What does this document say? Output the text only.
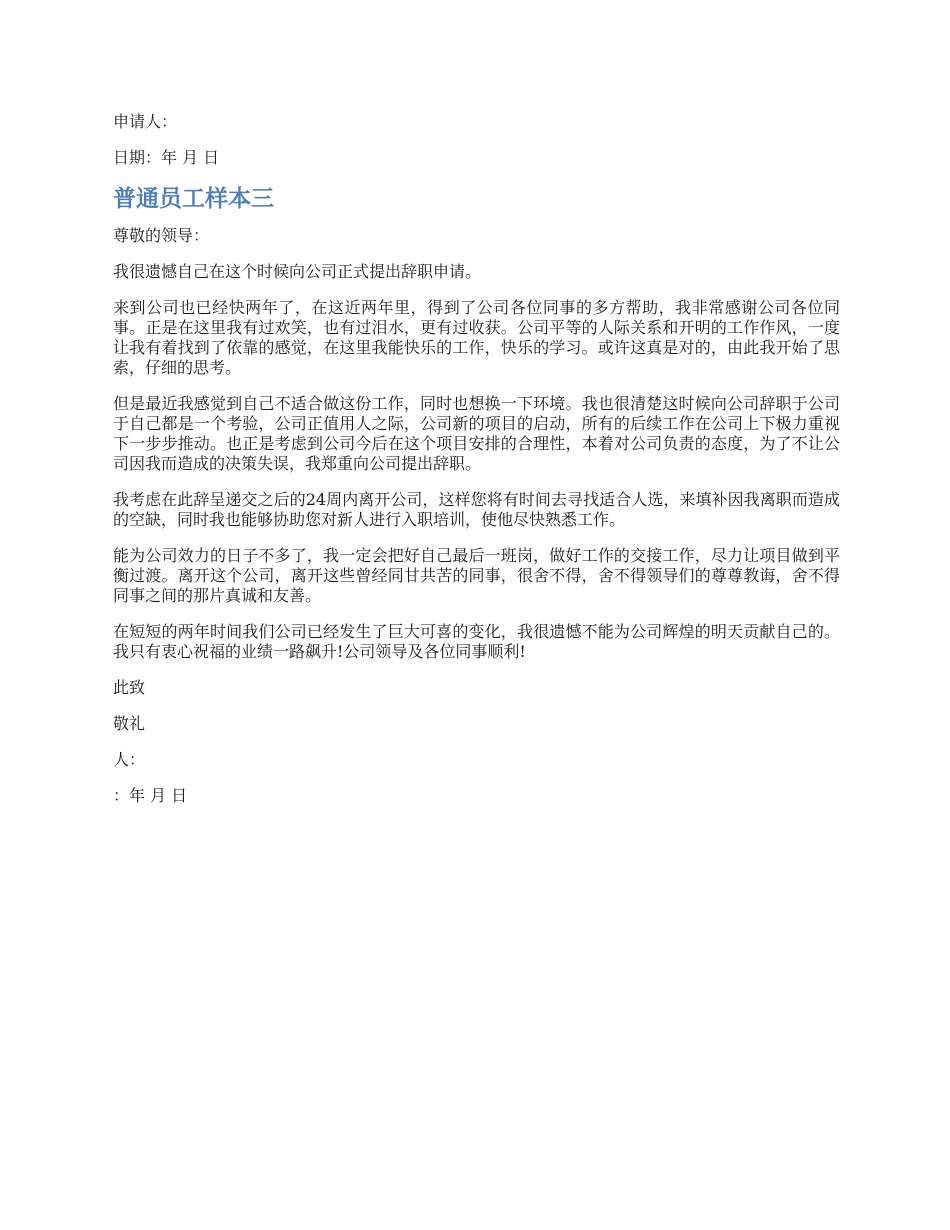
申请人：

日期：年 月 日

普通员工样本三

尊敬的领导：

我很遗憾自己在这个时候向公司正式提出辞职申请。

来到公司也已经快两年了，在这近两年里，得到了公司各位同事的多方帮助，我非常感谢公司各位同事。正是在这里我有过欢笑，也有过泪水，更有过收获。公司平等的人际关系和开明的工作作风，一度让我有着找到了依靠的感觉，在这里我能快乐的工作，快乐的学习。或许这真是对的，由此我开始了思索，仔细的思考。

但是最近我感觉到自己不适合做这份工作，同时也想换一下环境。我也很清楚这时候向公司辞职于公司于自己都是一个考验，公司正值用人之际，公司新的项目的启动，所有的后续工作在公司上下极力重视下一步步推动。也正是考虑到公司今后在这个项目安排的合理性，本着对公司负责的态度，为了不让公司因我而造成的决策失误，我郑重向公司提出辞职。

我考虑在此辞呈递交之后的24周内离开公司，这样您将有时间去寻找适合人选，来填补因我离职而造成的空缺，同时我也能够协助您对新人进行入职培训，使他尽快熟悉工作。

能为公司效力的日子不多了，我一定会把好自己最后一班岗，做好工作的交接工作，尽力让项目做到平衡过渡。离开这个公司，离开这些曾经同甘共苦的同事，很舍不得，舍不得领导们的尊尊教诲，舍不得同事之间的那片真诚和友善。

在短短的两年时间我们公司已经发生了巨大可喜的变化，我很遗憾不能为公司辉煌的明天贡献自己的。我只有衷心祝福的业绩一路飙升!公司领导及各位同事顺利!

此致

敬礼

人：

：年 月 日
